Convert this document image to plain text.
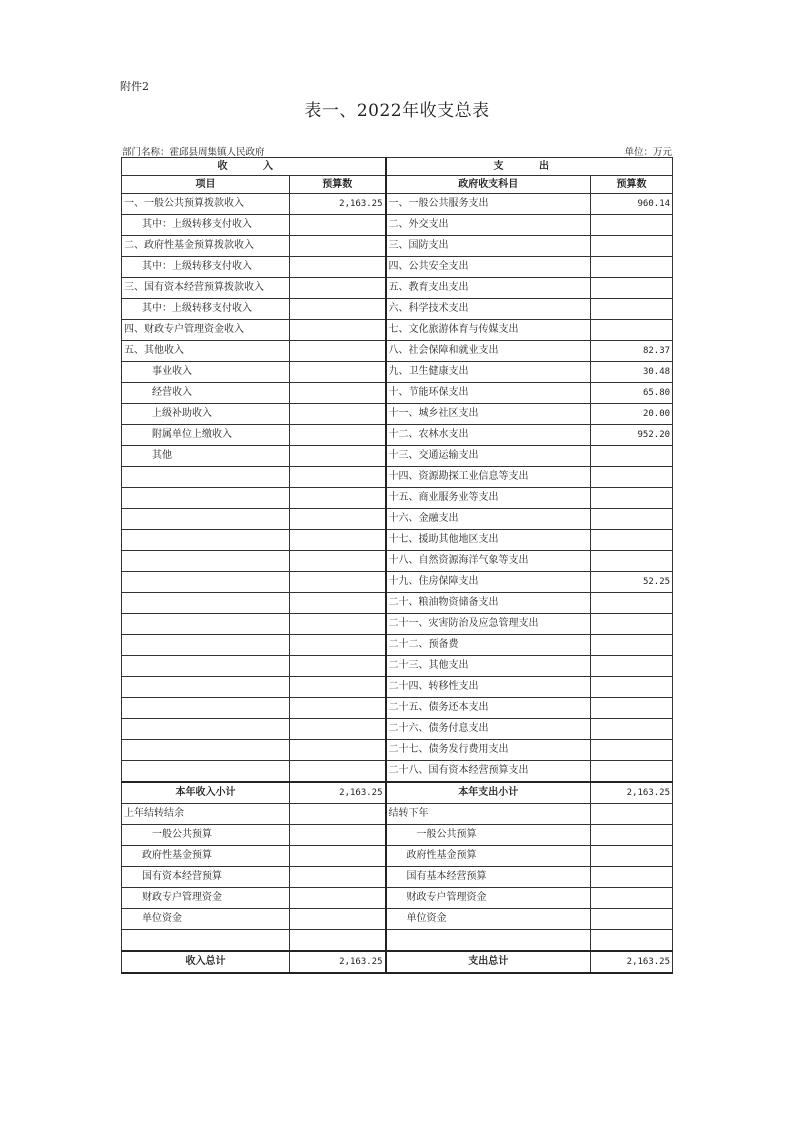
附件2
表一、2022年收支总表
部门名称：霍邱县周集镇人民政府	单位：万元
收 入		支 出	
项目	预算数	政府收支科目	预算数
一、一般公共预算拨款收入	2,163.25	一、一般公共服务支出	960.14
其中：上级转移支付收入		二、外交支出	
二、政府性基金预算拨款收入		三、国防支出	
其中：上级转移支付收入		四、公共安全支出	
三、国有资本经营预算拨款收入		五、教育支出支出	
其中：上级转移支付收入		六、科学技术支出	
四、财政专户管理资金收入		七、文化旅游体育与传媒支出	
五、其他收入		八、社会保障和就业支出	82.37
事业收入		九、卫生健康支出	30.48
经营收入		十、节能环保支出	65.80
上级补助收入		十一、城乡社区支出	20.00
附属单位上缴收入		十二、农林水支出	952.20
其他		十三、交通运输支出	
		十四、资源勘探工业信息等支出	
		十五、商业服务业等支出	
		十六、金融支出	
		十七、援助其他地区支出	
		十八、自然资源海洋气象等支出	
		十九、住房保障支出	52.25
		二十、粮油物资储备支出	
		二十一、灾害防治及应急管理支出	
		二十二、预备费	
		二十三、其他支出	
		二十四、转移性支出	
		二十五、债务还本支出	
		二十六、债务付息支出	
		二十七、债务发行费用支出	
		二十八、国有资本经营预算支出	
本年收入小计	2,163.25	本年支出小计	2,163.25
上年结转结余		结转下年	
一般公共预算		一般公共预算	
政府性基金预算		政府性基金预算	
国有资本经营预算		国有基本经营预算	
财政专户管理资金		财政专户管理资金	
单位资金		单位资金	

收入总计	2,163.25	支出总计	2,163.25
